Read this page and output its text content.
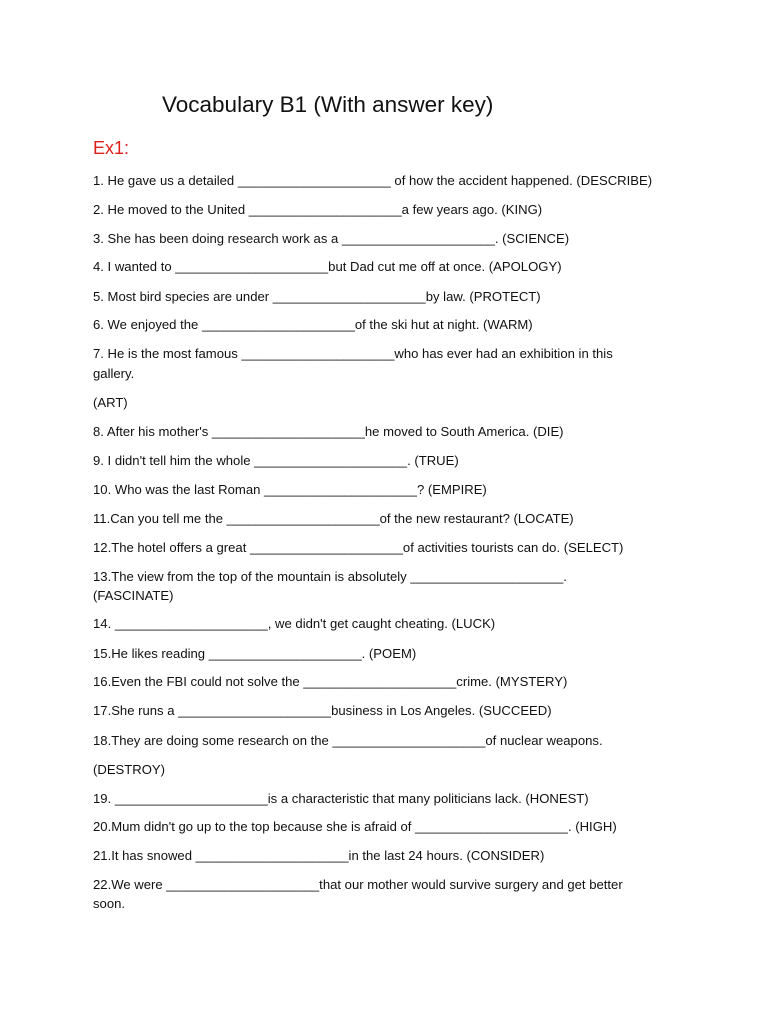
Vocabulary B1 (With answer key)
Ex1:
1. He gave us a detailed _____________________ of how the accident happened. (DESCRIBE)
2. He moved to the United _____________________a few years ago. (KING)
3. She has been doing research work as a _____________________. (SCIENCE)
4. I wanted to _____________________but Dad cut me off at once. (APOLOGY)
5. Most bird species are under _____________________by law. (PROTECT)
6. We enjoyed the _____________________of the ski hut at night. (WARM)
7. He is the most famous _____________________who has ever had an exhibition in this
gallery.
(ART)
8. After his mother's _____________________he moved to South America. (DIE)
9. I didn't tell him the whole _____________________. (TRUE)
10. Who was the last Roman _____________________? (EMPIRE)
11.Can you tell me the _____________________of the new restaurant? (LOCATE)
12.The hotel offers a great _____________________of activities tourists can do. (SELECT)
13.The view from the top of the mountain is absolutely _____________________.
(FASCINATE)
14. _____________________, we didn't get caught cheating. (LUCK)
15.He likes reading _____________________. (POEM)
16.Even the FBI could not solve the _____________________crime. (MYSTERY)
17.She runs a _____________________business in Los Angeles. (SUCCEED)
18.They are doing some research on the _____________________of nuclear weapons.
(DESTROY)
19. _____________________is a characteristic that many politicians lack. (HONEST)
20.Mum didn't go up to the top because she is afraid of _____________________. (HIGH)
21.It has snowed _____________________in the last 24 hours. (CONSIDER)
22.We were _____________________that our mother would survive surgery and get better
soon.
